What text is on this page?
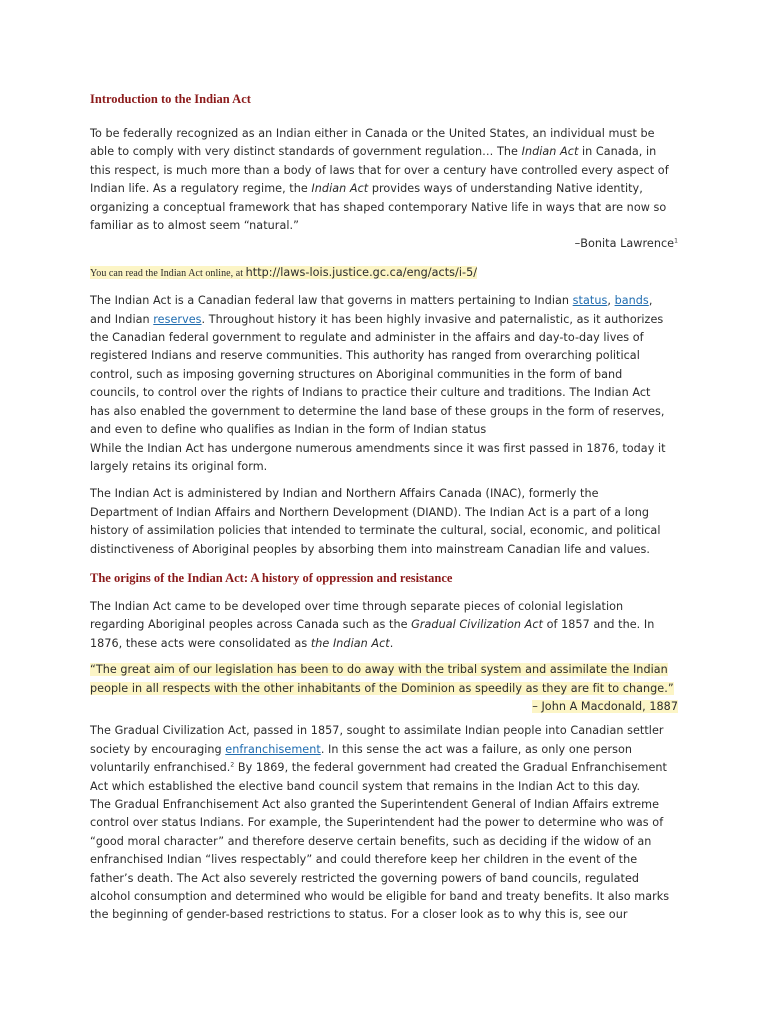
Introduction to the Indian Act

To be federally recognized as an Indian either in Canada or the United States, an individual must be
able to comply with very distinct standards of government regulation… The Indian Act in Canada, in
this respect, is much more than a body of laws that for over a century have controlled every aspect of
Indian life. As a regulatory regime, the Indian Act provides ways of understanding Native identity,
organizing a conceptual framework that has shaped contemporary Native life in ways that are now so
familiar as to almost seem “natural.”

–Bonita Lawrence$^1$

You can read the Indian Act online, at http://laws-lois.justice.gc.ca/eng/acts/i-5/

The Indian Act is a Canadian federal law that governs in matters pertaining to Indian status, bands,
and Indian reserves. Throughout history it has been highly invasive and paternalistic, as it authorizes
the Canadian federal government to regulate and administer in the affairs and day-to-day lives of
registered Indians and reserve communities. This authority has ranged from overarching political
control, such as imposing governing structures on Aboriginal communities in the form of band
councils, to control over the rights of Indians to practice their culture and traditions. The Indian Act
has also enabled the government to determine the land base of these groups in the form of reserves,
and even to define who qualifies as Indian in the form of Indian status
While the Indian Act has undergone numerous amendments since it was first passed in 1876, today it
largely retains its original form.

The Indian Act is administered by Indian and Northern Affairs Canada (INAC), formerly the
Department of Indian Affairs and Northern Development (DIAND). The Indian Act is a part of a long
history of assimilation policies that intended to terminate the cultural, social, economic, and political
distinctiveness of Aboriginal peoples by absorbing them into mainstream Canadian life and values.

The origins of the Indian Act: A history of oppression and resistance

The Indian Act came to be developed over time through separate pieces of colonial legislation
regarding Aboriginal peoples across Canada such as the Gradual Civilization Act of 1857 and the. In
1876, these acts were consolidated as the Indian Act.

“The great aim of our legislation has been to do away with the tribal system and assimilate the Indian
people in all respects with the other inhabitants of the Dominion as speedily as they are fit to change.”

– John A Macdonald, 1887

The Gradual Civilization Act, passed in 1857, sought to assimilate Indian people into Canadian settler
society by encouraging enfranchisement. In this sense the act was a failure, as only one person
voluntarily enfranchised.$^2$ By 1869, the federal government had created the Gradual Enfranchisement
Act which established the elective band council system that remains in the Indian Act to this day.
The Gradual Enfranchisement Act also granted the Superintendent General of Indian Affairs extreme
control over status Indians. For example, the Superintendent had the power to determine who was of
“good moral character” and therefore deserve certain benefits, such as deciding if the widow of an
enfranchised Indian “lives respectably” and could therefore keep her children in the event of the
father’s death. The Act also severely restricted the governing powers of band councils, regulated
alcohol consumption and determined who would be eligible for band and treaty benefits. It also marks
the beginning of gender-based restrictions to status. For a closer look as to why this is, see our
